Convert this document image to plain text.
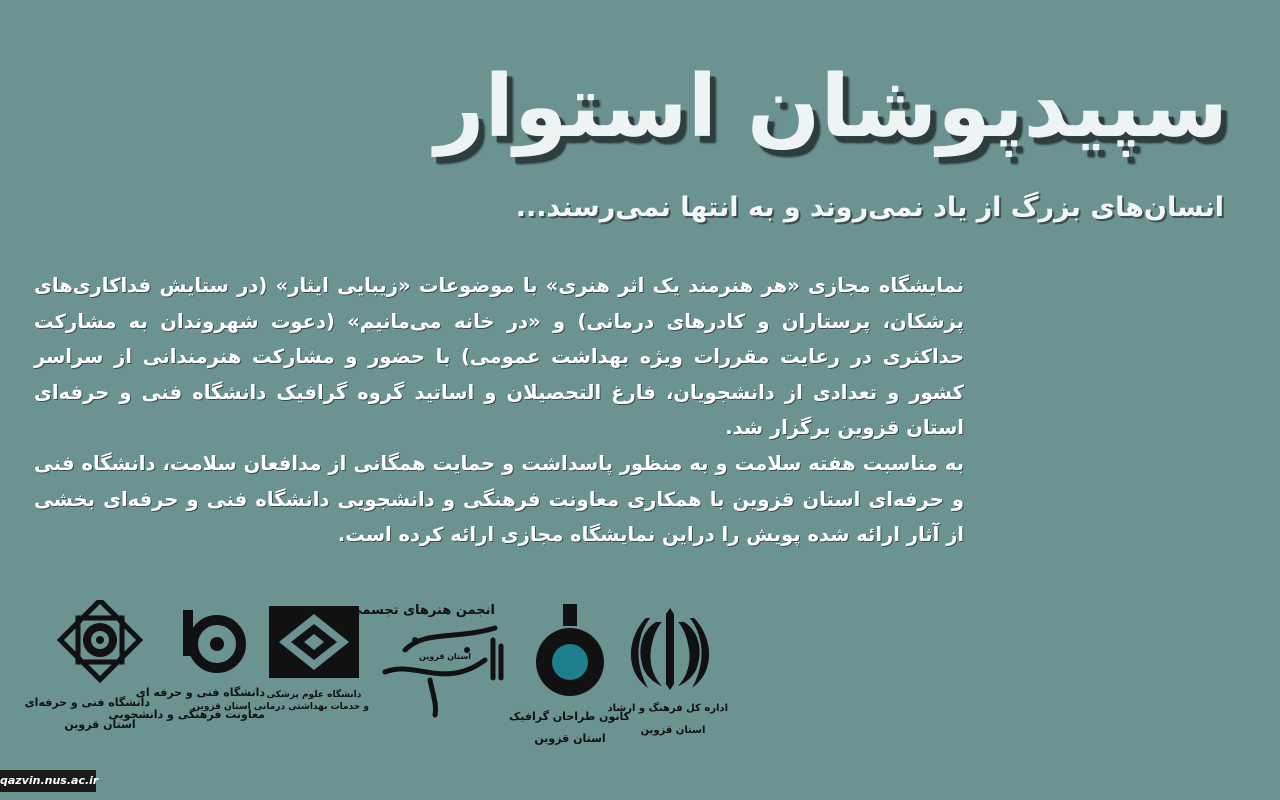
سپیدپوشان استوار
انسان‌های بزرگ از یاد نمی‌روند و به انتها نمی‌رسند...

نمایشگاه مجازی «هر هنرمند یک اثر هنری» با موضوعات «زیبایی ایثار» (در ستایش فداکاری‌های پزشکان، پرستاران و کادرهای درمانی) و «در خانه می‌مانیم» (دعوت شهروندان به مشارکت حداکثری در رعایت مقررات ویژه بهداشت عمومی) با حضور و مشارکت هنرمندانی از سراسر کشور و تعدادی از دانشجویان، فارغ التحصیلان و اساتید گروه گرافیک دانشگاه فنی و حرفه‌ای استان قزوین برگزار شد.

به مناسبت هفته سلامت و به منظور پاسداشت و حمایت همگانی از مدافعان سلامت، دانشگاه فنی و حرفه‌ای استان قزوین با همکاری معاونت فرهنگی و دانشجویی دانشگاه فنی و حرفه‌ای بخشی از آثار ارائه شده پویش را دراین نمایشگاه مجازی ارائه کرده است.

دانشگاه فنی و حرفه‌ای
استان قزوین
دانشگاه فنی و حرفه ای
معاونت فرهنگی و دانشجویی
دانشگاه علوم پزشکی
و خدمات بهداشتی درمانی استان قزوین
انجمن هنرهای تجسمی
استان قزوین
کانون طراحان گرافیک
استان قزوین
اداره کل فرهنگ و ارشاد
استان قزوین
qazvin.nus.ac.ir
